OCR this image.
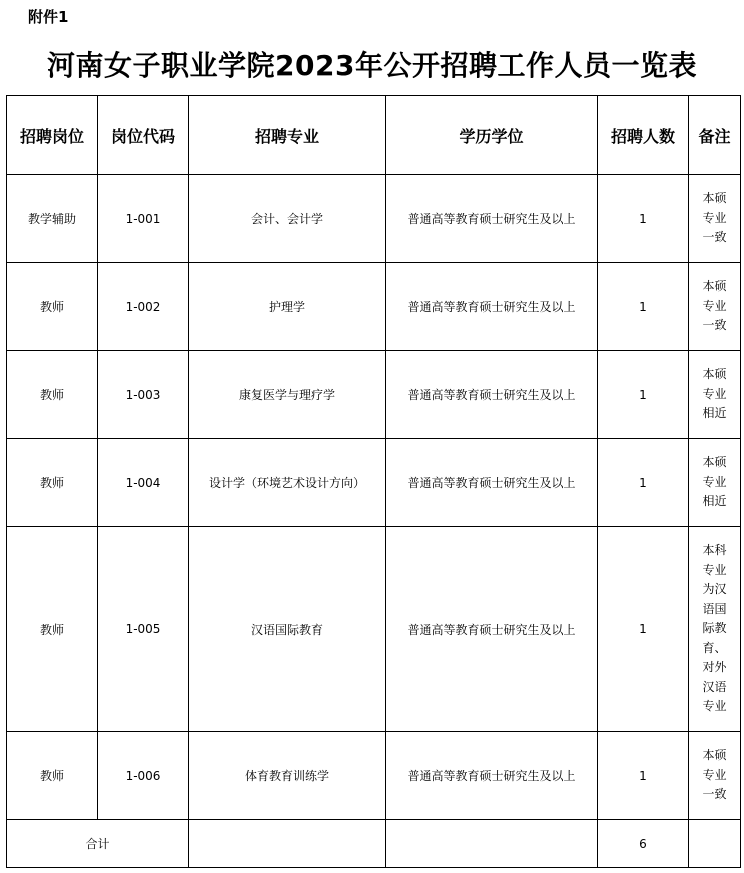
附件1
河南女子职业学院2023年公开招聘工作人员一览表
招聘岗位	岗位代码	招聘专业	学历学位	招聘人数	备注
教学辅助	1-001	会计、会计学	普通高等教育硕士研究生及以上	1	本硕专业一致

教师	1-002	护理学	普通高等教育硕士研究生及以上	1	本硕专业一致

教师	1-003	康复医学与理疗学	普通高等教育硕士研究生及以上	1	本硕专业相近

教师	1-004	设计学（环境艺术设计方向）	普通高等教育硕士研究生及以上	1	本硕专业相近

教师	1-005	汉语国际教育	普通高等教育硕士研究生及以上	1	本科专业为汉语国际教育、对外汉语专业

教师	1-006	体育教育训练学	普通高等教育硕士研究生及以上	1	本硕专业一致

合计				6	
